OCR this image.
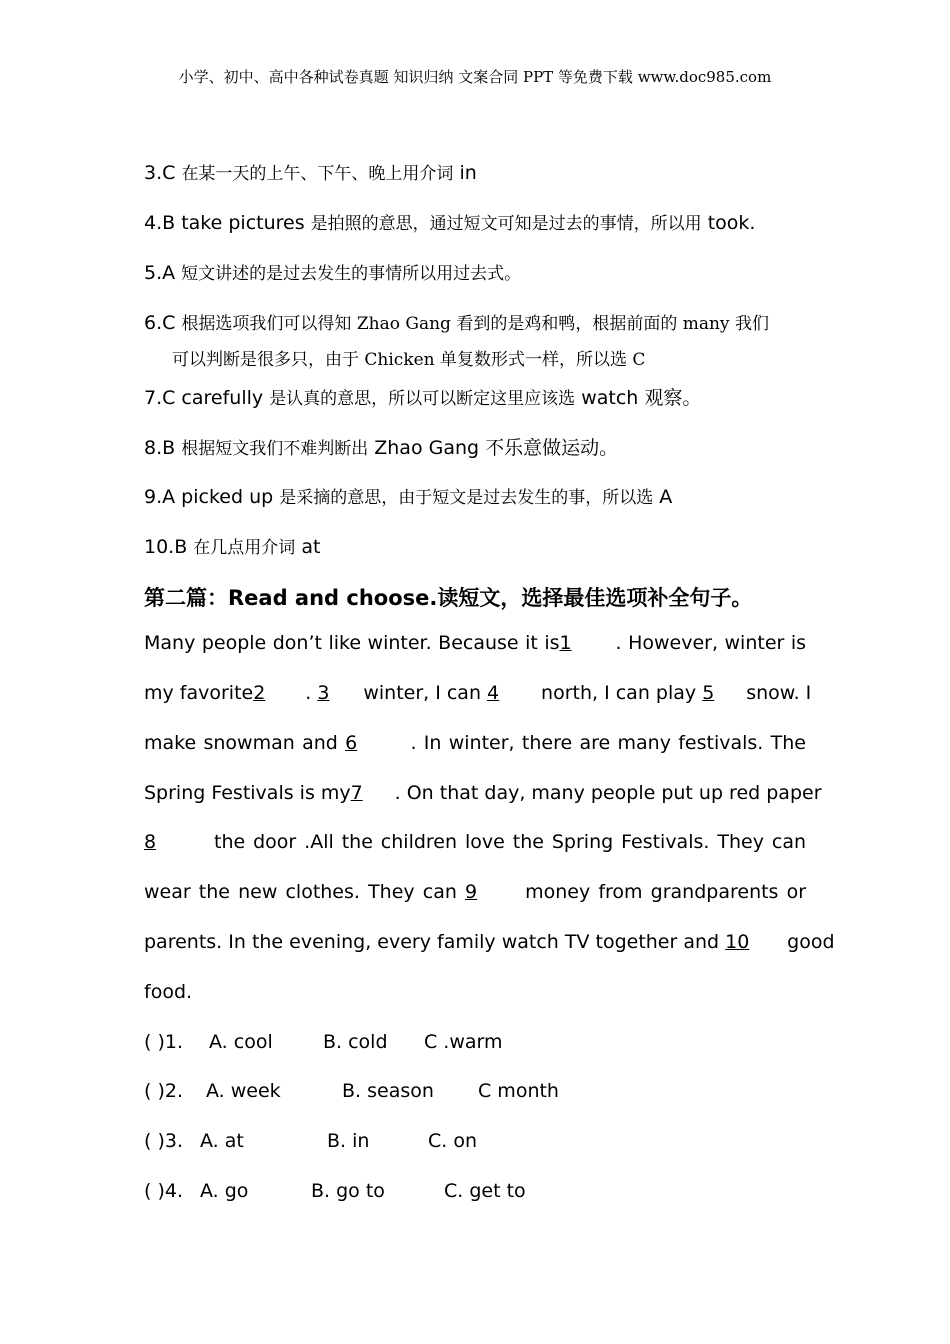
小学、初中、高中各种试卷真题 知识归纳 文案合同 PPT 等免费下载 www.doc985.com
3.C 在某一天的上午、下午、晚上用介词 in
4.B take pictures 是拍照的意思，通过短文可知是过去的事情，所以用 took.
5.A 短文讲述的是过去发生的事情所以用过去式。
6.C 根据选项我们可以得知 Zhao Gang 看到的是鸡和鸭，根据前面的 many 我们
可以判断是很多只，由于 Chicken 单复数形式一样，所以选 C
7.C carefully 是认真的意思，所以可以断定这里应该选 watch 观察。
8.B 根据短文我们不难判断出 Zhao Gang 不乐意做运动。
9.A picked up 是采摘的意思，由于短文是过去发生的事，所以选 A
10.B 在几点用介词 at
第二篇：Read and choose.读短文，选择最佳选项补全句子。
Many people don’t like winter. Because it is1 . However, winter is
my favorite2 . 3 winter, I can 4 north, I can play 5 snow. I
make snowman and 6 . In winter, there are many festivals. The
Spring Festivals is my7 . On that day, many people put up red paper
8	the door .All the children love the Spring Festivals. They can
wear the new clothes. They can 9 money from grandparents or
parents. In the evening, every family watch TV together and 10 good
food.
( )1. A. cool	B. cold C .warm
( )2. A. week	B. season C month
( )3. A. at	B. in	C. on
( )4. A. go	B. go to	C. get to
